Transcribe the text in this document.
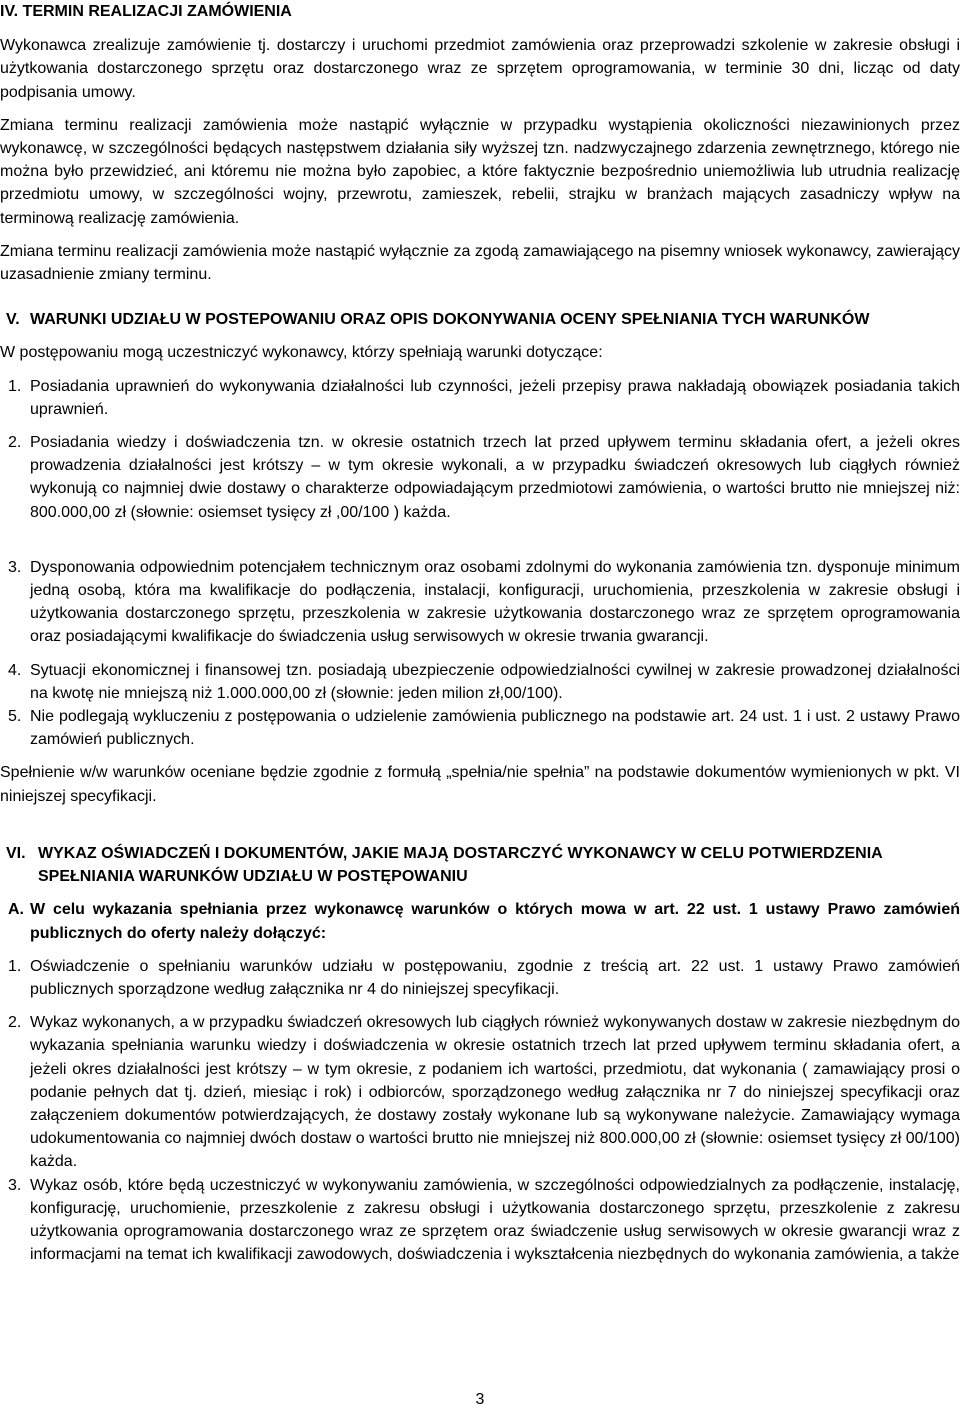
IV. TERMIN REALIZACJI ZAMÓWIENIA

Wykonawca zrealizuje zamówienie tj. dostarczy i uruchomi przedmiot zamówienia oraz przeprowadzi szkolenie w zakresie obsługi i użytkowania dostarczonego sprzętu oraz dostarczonego wraz ze sprzętem oprogramowania, w terminie 30 dni, licząc od daty podpisania umowy.

Zmiana terminu realizacji zamówienia może nastąpić wyłącznie w przypadku wystąpienia okoliczności niezawinionych przez wykonawcę, w szczególności będących następstwem działania siły wyższej tzn. nadzwyczajnego zdarzenia zewnętrznego, którego nie można było przewidzieć, ani któremu nie można było zapobiec, a które faktycznie bezpośrednio uniemożliwia lub utrudnia realizację przedmiotu umowy, w szczególności wojny, przewrotu, zamieszek, rebelii, strajku w branżach mających zasadniczy wpływ na terminową realizację zamówienia.

Zmiana terminu realizacji zamówienia może nastąpić wyłącznie za zgodą zamawiającego na pisemny wniosek wykonawcy, zawierający uzasadnienie zmiany terminu.

V. WARUNKI UDZIAŁU W POSTEPOWANIU ORAZ OPIS DOKONYWANIA OCENY SPEŁNIANIA TYCH WARUNKÓW

W postępowaniu mogą uczestniczyć wykonawcy, którzy spełniają warunki dotyczące:

1. Posiadania uprawnień do wykonywania działalności lub czynności, jeżeli przepisy prawa nakładają obowiązek posiadania takich uprawnień.
2. Posiadania wiedzy i doświadczenia tzn. w okresie ostatnich trzech lat przed upływem terminu składania ofert, a jeżeli okres prowadzenia działalności jest krótszy – w tym okresie wykonali, a w przypadku świadczeń okresowych lub ciągłych również wykonują co najmniej dwie dostawy o charakterze odpowiadającym przedmiotowi zamówienia, o wartości brutto nie mniejszej niż: 800.000,00 zł (słownie: osiemset tysięcy zł ,00/100 ) każda.
3. Dysponowania odpowiednim potencjałem technicznym oraz osobami zdolnymi do wykonania zamówienia tzn. dysponuje minimum jedną osobą, która ma kwalifikacje do podłączenia, instalacji, konfiguracji, uruchomienia, przeszkolenia w zakresie obsługi i użytkowania dostarczonego sprzętu, przeszkolenia w zakresie użytkowania dostarczonego wraz ze sprzętem oprogramowania oraz posiadającymi kwalifikacje do świadczenia usług serwisowych w okresie trwania gwarancji.
4. Sytuacji ekonomicznej i finansowej tzn. posiadają ubezpieczenie odpowiedzialności cywilnej w zakresie prowadzonej działalności na kwotę nie mniejszą niż 1.000.000,00 zł (słownie: jeden milion zł,00/100).
5. Nie podlegają wykluczeniu z postępowania o udzielenie zamówienia publicznego na podstawie art. 24 ust. 1 i ust. 2 ustawy Prawo zamówień publicznych.

Spełnienie w/w warunków oceniane będzie zgodnie z formułą „spełnia/nie spełnia” na podstawie dokumentów wymienionych w pkt. VI niniejszej specyfikacji.

VI. WYKAZ OŚWIADCZEŃ I DOKUMENTÓW, JAKIE MAJĄ DOSTARCZYĆ WYKONAWCY W CELU POTWIERDZENIA SPEŁNIANIA WARUNKÓW UDZIAŁU W POSTĘPOWANIU
A. W celu wykazania spełniania przez wykonawcę warunków o których mowa w art. 22 ust. 1 ustawy Prawo zamówień publicznych do oferty należy dołączyć:
1. Oświadczenie o spełnianiu warunków udziału w postępowaniu, zgodnie z treścią art. 22 ust. 1 ustawy Prawo zamówień publicznych sporządzone według załącznika nr 4 do niniejszej specyfikacji.
2. Wykaz wykonanych, a w przypadku świadczeń okresowych lub ciągłych również wykonywanych dostaw w zakresie niezbędnym do wykazania spełniania warunku wiedzy i doświadczenia w okresie ostatnich trzech lat przed upływem terminu składania ofert, a jeżeli okres działalności jest krótszy – w tym okresie, z podaniem ich wartości, przedmiotu, dat wykonania ( zamawiający prosi o podanie pełnych dat tj. dzień, miesiąc i rok) i odbiorców, sporządzonego według załącznika nr 7 do niniejszej specyfikacji oraz załączeniem dokumentów potwierdzających, że dostawy zostały wykonane lub są wykonywane należycie. Zamawiający wymaga udokumentowania co najmniej dwóch dostaw o wartości brutto nie mniejszej niż 800.000,00 zł (słownie: osiemset tysięcy zł 00/100) każda.
3. Wykaz osób, które będą uczestniczyć w wykonywaniu zamówienia, w szczególności odpowiedzialnych za podłączenie, instalację, konfigurację, uruchomienie, przeszkolenie z zakresu obsługi i użytkowania dostarczonego sprzętu, przeszkolenie z zakresu użytkowania oprogramowania dostarczonego wraz ze sprzętem oraz świadczenie usług serwisowych w okresie gwarancji wraz z informacjami na temat ich kwalifikacji zawodowych, doświadczenia i wykształcenia niezbędnych do wykonania zamówienia, a także
3
